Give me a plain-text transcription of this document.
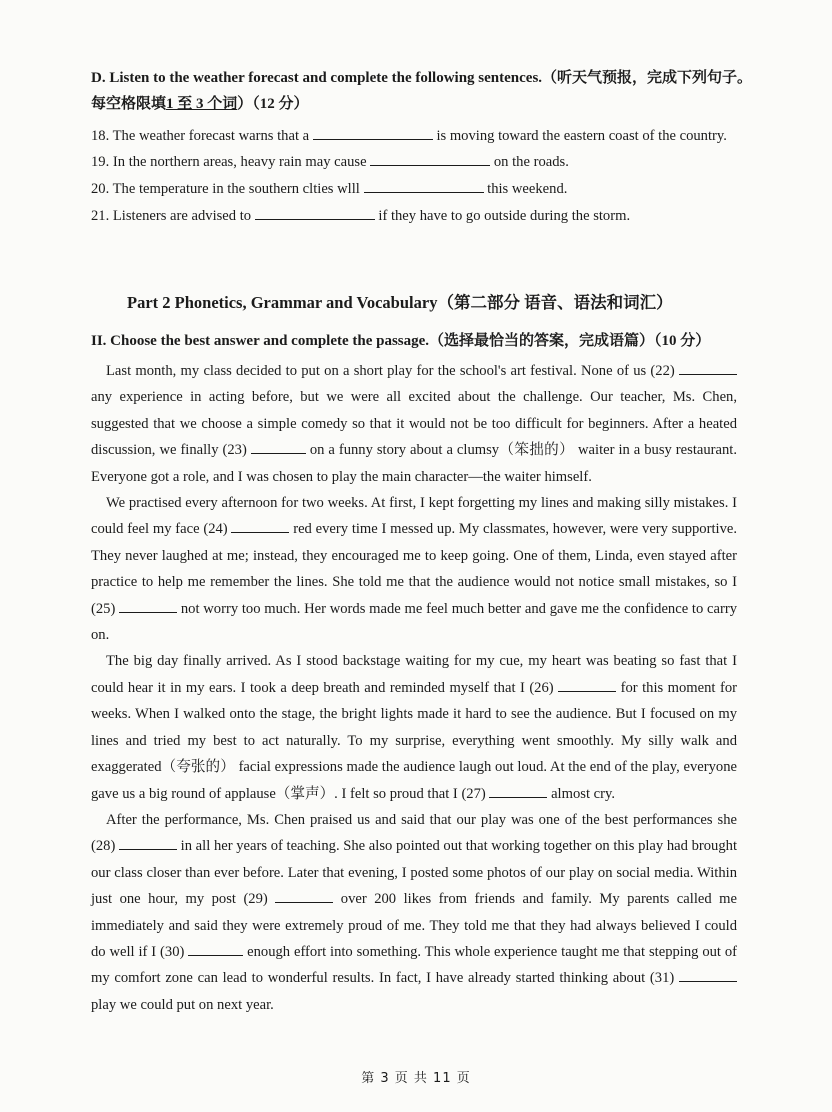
D. Listen to the weather forecast and complete the following sentences.（听天气预报，完成下列句子。
每空格限填1 至 3 个词）（12 分）
18. The weather forecast warns that a	is moving toward the eastern coast of the country.
19. In the northern areas, heavy rain may cause	on the roads.
20. The temperature in the southern clties wlll	this weekend.
21. Listeners are advised to	if they have to go outside during the storm.
Part 2 Phonetics, Grammar and Vocabulary（第二部分 语音、语法和词汇）
II. Choose the best answer and complete the passage.（选择最恰当的答案，完成语篇）（10 分）
Last month, my class decided to put on a short play for the school's art festival. None of us (22)  any experience in acting before, but we were all excited about the challenge. Our teacher, Ms. Chen, suggested that we choose a simple comedy so that it would not be too difficult for beginners. After a heated discussion, we finally (23)	on a funny story about a clumsy（笨拙的） waiter in a busy restaurant. Everyone got a role, and I was chosen to play the main character—the waiter himself.
We practised every afternoon for two weeks. At first, I kept forgetting my lines and making silly mistakes. I could feel my face (24)	red every time I messed up. My classmates, however, were very supportive. They never laughed at me; instead, they encouraged me to keep going. One of them, Linda, even stayed after practice to help me remember the lines. She told me that the audience would not notice small mistakes, so I (25)	not worry too much. Her words made me feel much better and gave me the confidence to carry on.
The big day finally arrived. As I stood backstage waiting for my cue, my heart was beating so fast that I could hear it in my ears. I took a deep breath and reminded myself that I (26)	for this moment for weeks. When I walked onto the stage, the bright lights made it hard to see the audience. But I focused on my lines and tried my best to act naturally. To my surprise, everything went smoothly. My silly walk and exaggerated（夸张的） facial expressions made the audience laugh out loud. At the end of the play, everyone gave us a big round of applause（掌声）. I felt so proud that I (27)	almost cry.
After the performance, Ms. Chen praised us and said that our play was one of the best performances she (28)	in all her years of teaching. She also pointed out that working together on this play had brought our class closer than ever before. Later that evening, I posted some photos of our play on social media. Within just one hour, my post (29)	over 200 likes from friends and family. My parents called me immediately and said they were extremely proud of me. They told me that they had always believed I could do well if I (30)	enough effort into something. This whole experience taught me that stepping out of my comfort zone can lead to wonderful results. In fact, I have already started thinking about (31)  play we could put on next year.
第 3 页 共 11 页
